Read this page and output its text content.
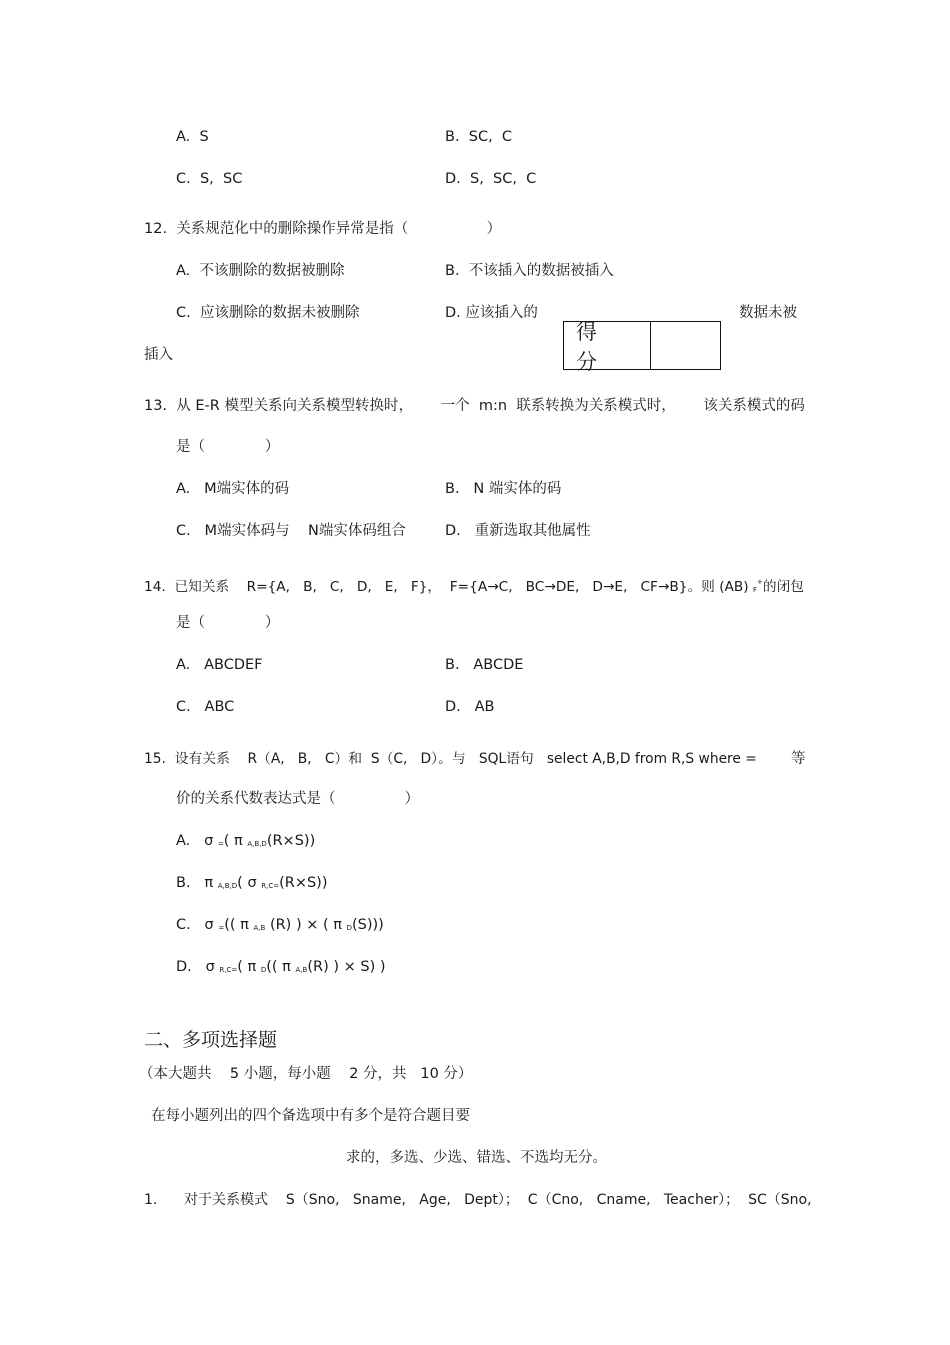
A.  S	B.  SC,  C
C.  S,  SC	D.  S,  SC,  C
12.  关系规范化中的删除操作异常是指（                 ）
A.  不该删除的数据被删除	B.  不该插入的数据被插入
C.  应该删除的数据未被删除	D. 应该插入的	数据未被
插入
得分
13.  从 E-R 模型关系向关系模型转换时，      一个  m:n  联系转换为关系模式时，      该关系模式的码
是（             ）
A.   M端实体的码	B.   N 端实体的码
C.   M端实体码与    N端实体码组合	D.   重新选取其他属性
14.  已知关系    R={A,   B,   C,   D,   E,   F}，  F={A→C,   BC→DE,   D→E,   CF→B}。则 (AB) F+的闭包
是（             ）
A.   ABCDEF	B.   ABCDE
C.   ABC	D.   AB
15.  设有关系    R（A,   B,   C）和  S（C,   D）。与   SQL语句   select A,B,D from R,S where = 等
价的关系代数表达式是（               ）
A.   σ =( π A,B,D(R×S))
B.   π A,B,D( σ R,C=(R×S))
C.   σ =(( π A,B (R) ) × ( π D(S)))
D.   σ R,C=( π D(( π A,B(R) ) × S) )
二、多项选择题
（本大题共    5 小题，每小题    2 分，共   10 分）
在每小题列出的四个备选项中有多个是符合题目要
求的，多选、少选、错选、不选均无分。
1.      对于关系模式    S（Sno,   Sname,   Age,   Dept）；  C（Cno,   Cname,   Teacher）；  SC（Sno,
